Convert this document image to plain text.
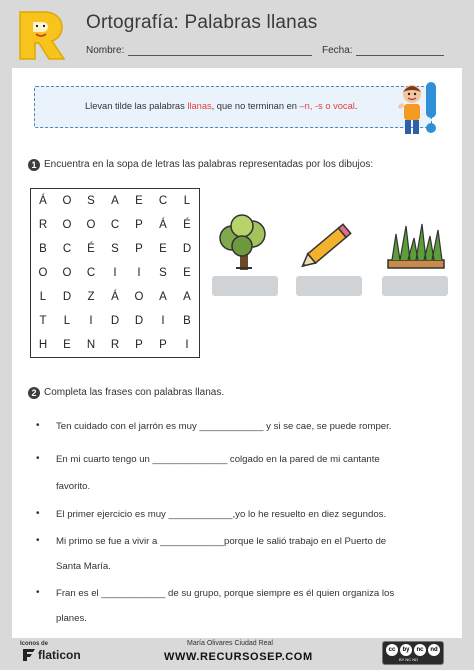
Ortografía: Palabras llanas
Nombre:	Fecha:
Llevan tilde las palabras llanas, que no terminan en –n, -s o vocal.
1 Encuentra en la sopa de letras las palabras representadas por los dibujos:
Á	O	S	A	E	C	L
R	O	O	C	P	Á	É
B	C	É	S	P	E	D
O	O	C	I	I	S	E
L	D	Z	Á	O	A	A
T	L	I	D	D	I	B
H	E	N	R	P	P	I
2 Completa las frases con palabras llanas.
• Ten cuidado con el jarrón es muy ____________ y si se cae, se puede romper.
• En mi cuarto tengo un ______________ colgado en la pared de mi cantante
favorito.
• El primer ejercicio es muy ____________,yo lo he resuelto en diez segundos.
• Mi primo se fue a vivir a ____________porque le salió trabajo en el Puerto de
Santa María.
• Fran es el ____________ de su grupo, porque siempre es él quien organiza los
planes.
Iconos de
flaticon
María Olivares Ciudad Real
WWW.RECURSOSEP.COM
cc	by	nc	nd
BY NC ND
